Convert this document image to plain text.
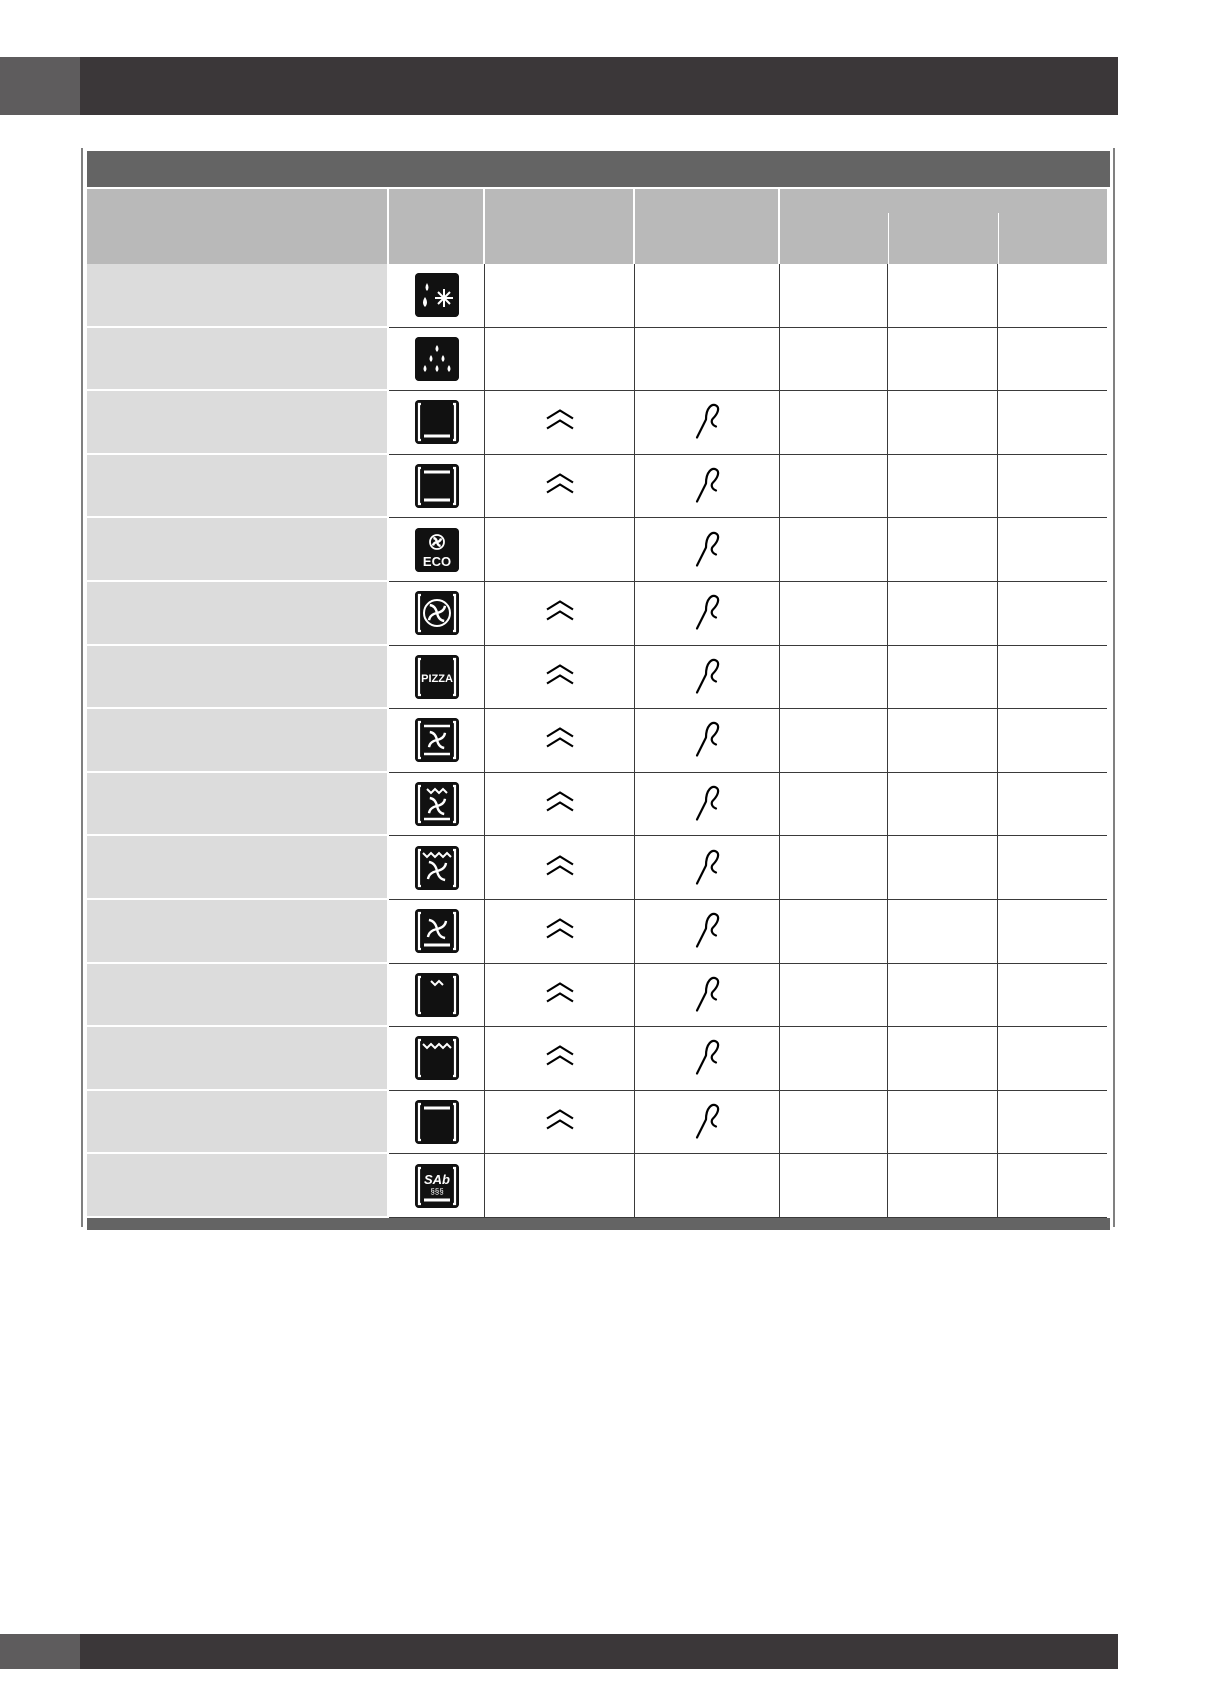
ECO
PIZZA
SAb
§§§
